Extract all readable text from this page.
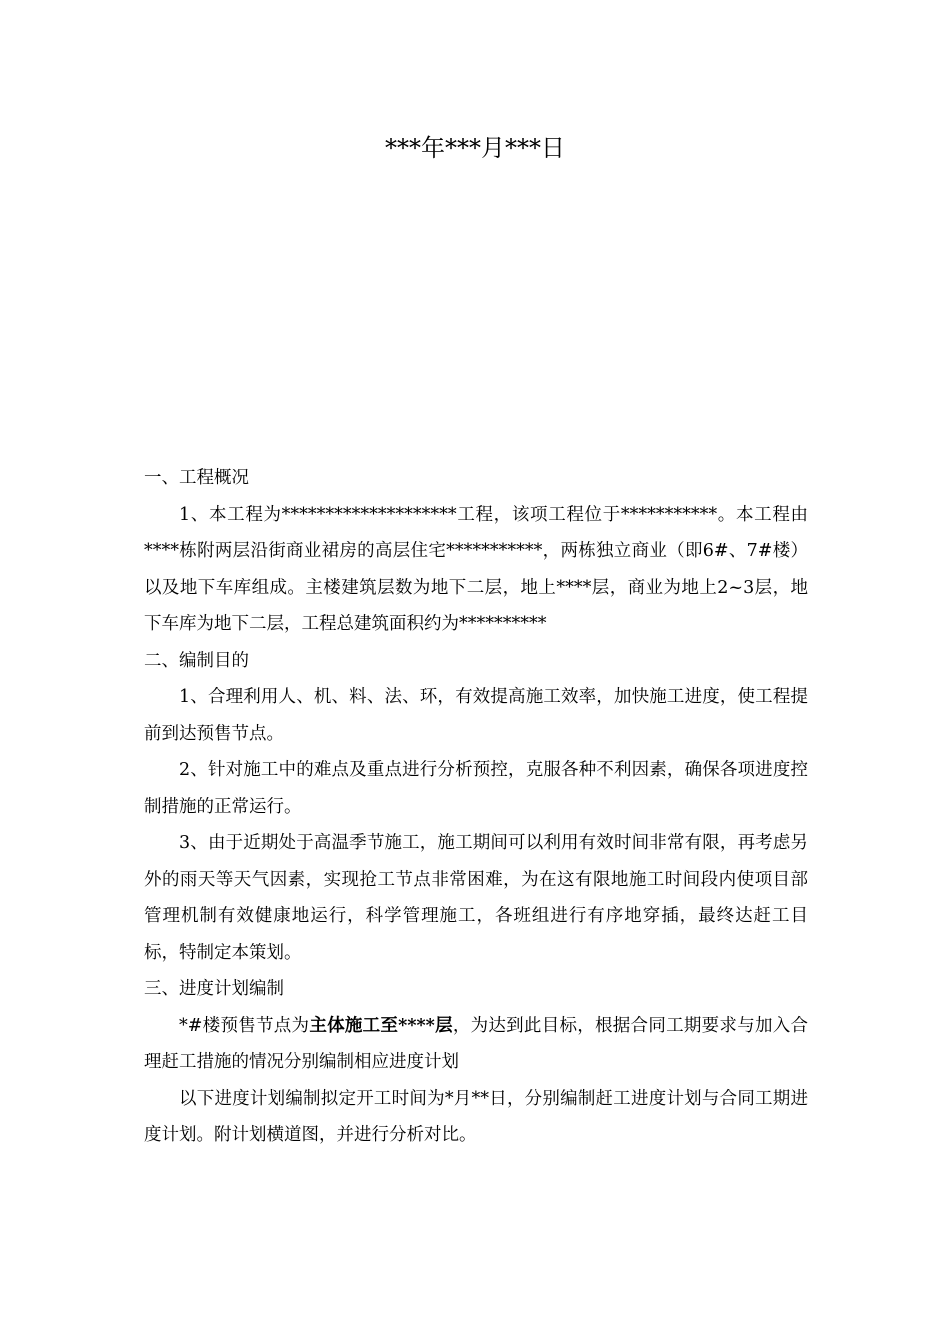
***年***月***日
一、工程概况

1、本工程为********************工程，该项工程位于***********。本工程由****栋附两层沿街商业裙房的高层住宅***********，两栋独立商业（即6#、7#楼）以及地下车库组成。主楼建筑层数为地下二层，地上****层，商业为地上2~3层，地下车库为地下二层，工程总建筑面积约为**********

二、编制目的

1、合理利用人、机、料、法、环，有效提高施工效率，加快施工进度，使工程提前到达预售节点。

2、针对施工中的难点及重点进行分析预控，克服各种不利因素，确保各项进度控制措施的正常运行。

3、由于近期处于高温季节施工，施工期间可以利用有效时间非常有限，再考虑另外的雨天等天气因素，实现抢工节点非常困难，为在这有限地施工时间段内使项目部管理机制有效健康地运行，科学管理施工，各班组进行有序地穿插，最终达赶工目标，特制定本策划。

三、进度计划编制

*#楼预售节点为主体施工至****层，为达到此目标，根据合同工期要求与加入合理赶工措施的情况分别编制相应进度计划

以下进度计划编制拟定开工时间为*月**日，分别编制赶工进度计划与合同工期进度计划。附计划横道图，并进行分析对比。
